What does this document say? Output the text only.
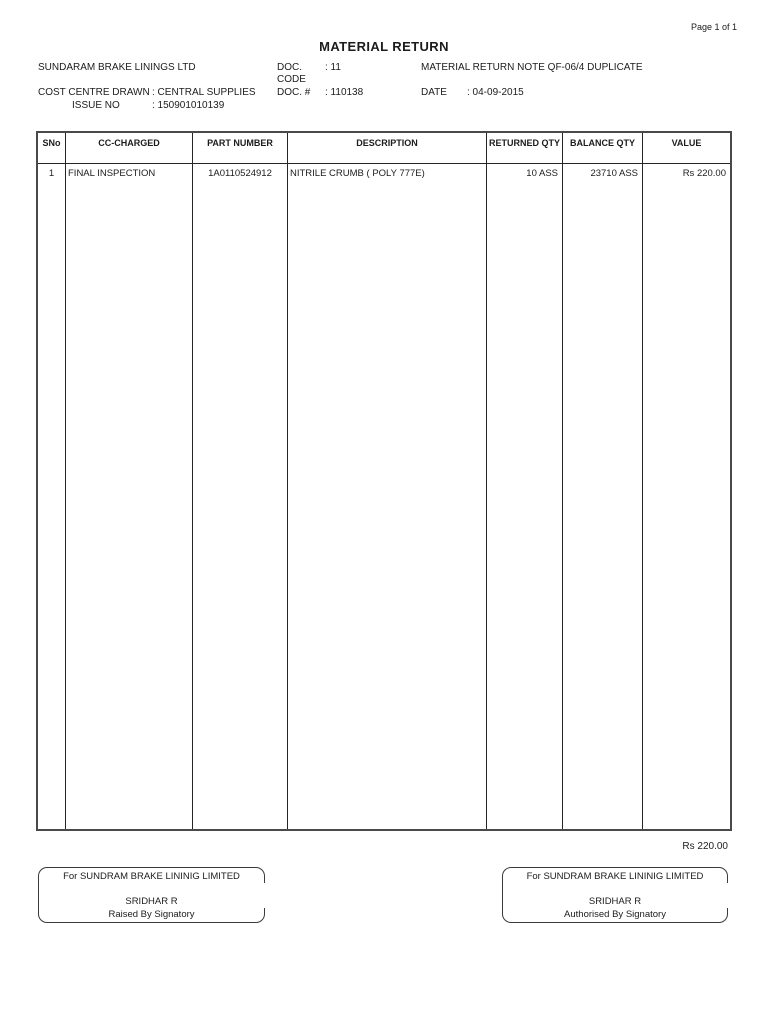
Page 1 of 1
MATERIAL RETURN
SUNDARAM BRAKE LININGS LTD	DOC.
CODE
: 11	MATERIAL RETURN NOTE QF-06/4 DUPLICATE
COST CENTRE DRAWN : CENTRAL SUPPLIES DOC. # : 110138	DATE : 04-09-2015
ISSUE NO	: 150901010139
SNo	CC-CHARGED	PART NUMBER	DESCRIPTION	RETURNED QTY	BALANCE QTY	VALUE
1	FINAL INSPECTION	1A0110524912	NITRILE CRUMB ( POLY 777E)	10 ASS	23710 ASS	Rs 220.00
Rs 220.00
For SUNDRAM BRAKE LININIG LIMITED
SRIDHAR R
Raised By Signatory
For SUNDRAM BRAKE LININIG LIMITED
SRIDHAR R
Authorised By Signatory
